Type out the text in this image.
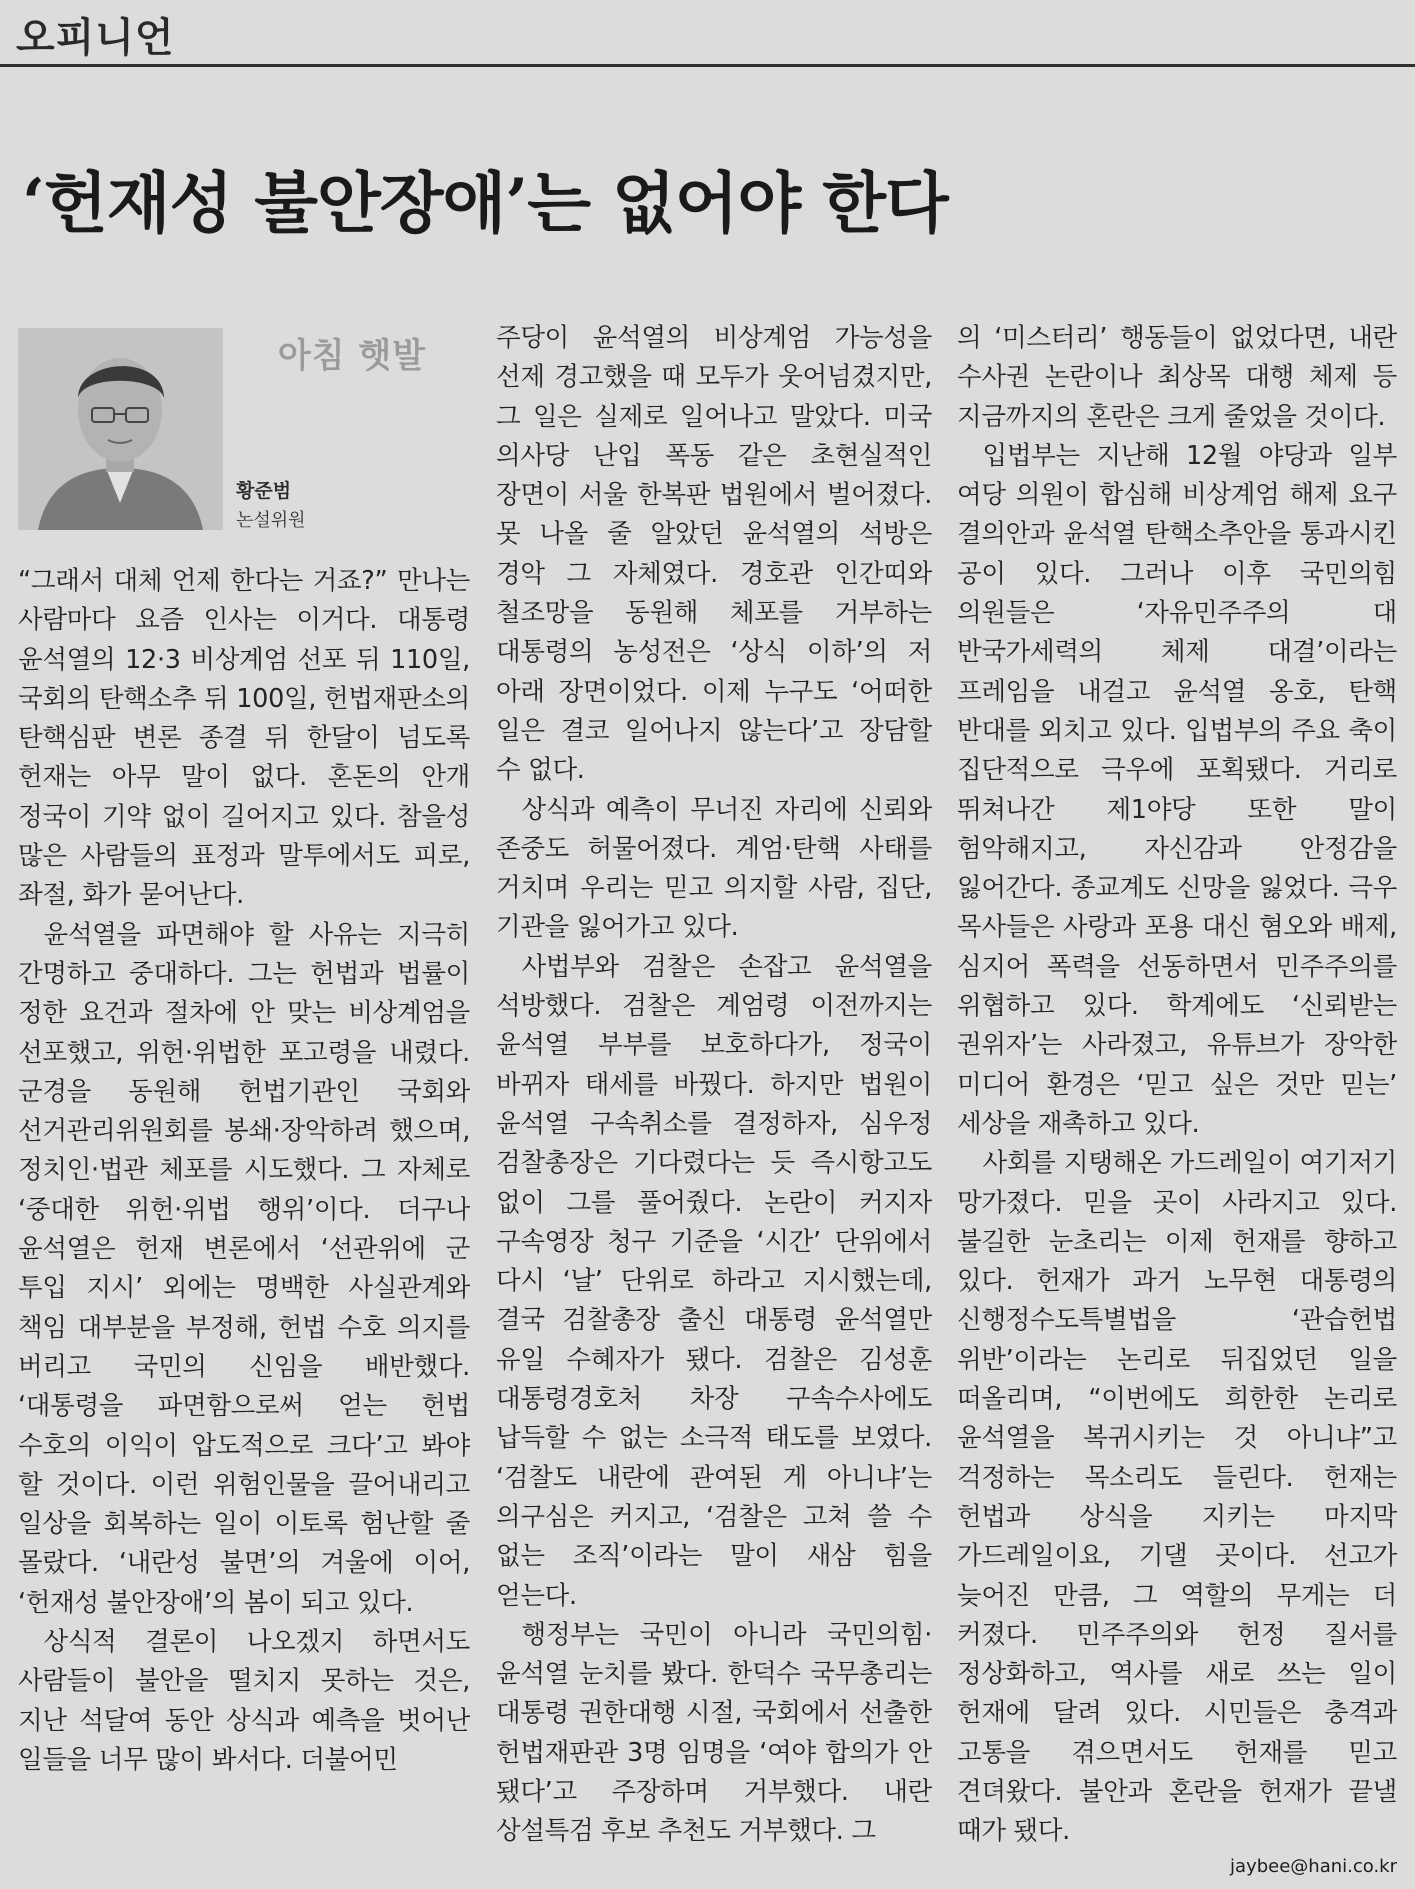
오피니언
‘헌재성 불안장애’는 없어야 한다
아침 햇발
황준범
논설위원

“그래서 대체 언제 한다는 거죠?” 만나는 사람마다 요즘 인사는 이거다. 대통령 윤석열의 12·3 비상계엄 선포 뒤 110일, 국회의 탄핵소추 뒤 100일, 헌법재판소의 탄핵심판 변론 종결 뒤 한달이 넘도록 헌재는 아무 말이 없다. 혼돈의 안개 정국이 기약 없이 길어지고 있다. 참을성 많은 사람들의 표정과 말투에서도 피로, 좌절, 화가 묻어난다.

윤석열을 파면해야 할 사유는 지극히 간명하고 중대하다. 그는 헌법과 법률이 정한 요건과 절차에 안 맞는 비상계엄을 선포했고, 위헌·위법한 포고령을 내렸다. 군경을 동원해 헌법기관인 국회와 선거관리위원회를 봉쇄·장악하려 했으며, 정치인·법관 체포를 시도했다. 그 자체로 ‘중대한 위헌·위법 행위’이다. 더구나 윤석열은 헌재 변론에서 ‘선관위에 군 투입 지시’ 외에는 명백한 사실관계와 책임 대부분을 부정해, 헌법 수호 의지를 버리고 국민의 신임을 배반했다. ‘대통령을 파면함으로써 얻는 헌법 수호의 이익이 압도적으로 크다’고 봐야 할 것이다. 이런 위험인물을 끌어내리고 일상을 회복하는 일이 이토록 험난할 줄 몰랐다. ‘내란성 불면’의 겨울에 이어, ‘헌재성 불안장애’의 봄이 되고 있다.

상식적 결론이 나오겠지 하면서도 사람들이 불안을 떨치지 못하는 것은, 지난 석달여 동안 상식과 예측을 벗어난 일들을 너무 많이 봐서다. 더불어민

주당이 윤석열의 비상계엄 가능성을 선제 경고했을 때 모두가 웃어넘겼지만, 그 일은 실제로 일어나고 말았다. 미국 의사당 난입 폭동 같은 초현실적인 장면이 서울 한복판 법원에서 벌어졌다. 못 나올 줄 알았던 윤석열의 석방은 경악 그 자체였다. 경호관 인간띠와 철조망을 동원해 체포를 거부하는 대통령의 농성전은 ‘상식 이하’의 저 아래 장면이었다. 이제 누구도 ‘어떠한 일은 결코 일어나지 않는다’고 장담할 수 없다.

상식과 예측이 무너진 자리에 신뢰와 존중도 허물어졌다. 계엄·탄핵 사태를 거치며 우리는 믿고 의지할 사람, 집단, 기관을 잃어가고 있다.

사법부와 검찰은 손잡고 윤석열을 석방했다. 검찰은 계엄령 이전까지는 윤석열 부부를 보호하다가, 정국이 바뀌자 태세를 바꿨다. 하지만 법원이 윤석열 구속취소를 결정하자, 심우정 검찰총장은 기다렸다는 듯 즉시항고도 없이 그를 풀어줬다. 논란이 커지자 구속영장 청구 기준을 ‘시간’ 단위에서 다시 ‘날’ 단위로 하라고 지시했는데, 결국 검찰총장 출신 대통령 윤석열만 유일 수혜자가 됐다. 검찰은 김성훈 대통령경호처 차장 구속수사에도 납득할 수 없는 소극적 태도를 보였다. ‘검찰도 내란에 관여된 게 아니냐’는 의구심은 커지고, ‘검찰은 고쳐 쓸 수 없는 조직’이라는 말이 새삼 힘을 얻는다.

행정부는 국민이 아니라 국민의힘·윤석열 눈치를 봤다. 한덕수 국무총리는 대통령 권한대행 시절, 국회에서 선출한 헌법재판관 3명 임명을 ‘여야 합의가 안 됐다’고 주장하며 거부했다. 내란 상설특검 후보 추천도 거부했다. 그

의 ‘미스터리’ 행동들이 없었다면, 내란 수사권 논란이나 최상목 대행 체제 등 지금까지의 혼란은 크게 줄었을 것이다.

입법부는 지난해 12월 야당과 일부 여당 의원이 합심해 비상계엄 해제 요구 결의안과 윤석열 탄핵소추안을 통과시킨 공이 있다. 그러나 이후 국민의힘 의원들은 ‘자유민주주의 대 반국가세력의 체제 대결’이라는 프레임을 내걸고 윤석열 옹호, 탄핵 반대를 외치고 있다. 입법부의 주요 축이 집단적으로 극우에 포획됐다. 거리로 뛰쳐나간 제1야당 또한 말이 험악해지고, 자신감과 안정감을 잃어간다. 종교계도 신망을 잃었다. 극우 목사들은 사랑과 포용 대신 혐오와 배제, 심지어 폭력을 선동하면서 민주주의를 위협하고 있다. 학계에도 ‘신뢰받는 권위자’는 사라졌고, 유튜브가 장악한 미디어 환경은 ‘믿고 싶은 것만 믿는’ 세상을 재촉하고 있다.

사회를 지탱해온 가드레일이 여기저기 망가졌다. 믿을 곳이 사라지고 있다. 불길한 눈초리는 이제 헌재를 향하고 있다. 헌재가 과거 노무현 대통령의 신행정수도특별법을 ‘관습헌법 위반’이라는 논리로 뒤집었던 일을 떠올리며, “이번에도 희한한 논리로 윤석열을 복귀시키는 것 아니냐”고 걱정하는 목소리도 들린다. 헌재는 헌법과 상식을 지키는 마지막 가드레일이요, 기댈 곳이다. 선고가 늦어진 만큼, 그 역할의 무게는 더 커졌다. 민주주의와 헌정 질서를 정상화하고, 역사를 새로 쓰는 일이 헌재에 달려 있다. 시민들은 충격과 고통을 겪으면서도 헌재를 믿고 견뎌왔다. 불안과 혼란을 헌재가 끝낼 때가 됐다.

jaybee@hani.co.kr
